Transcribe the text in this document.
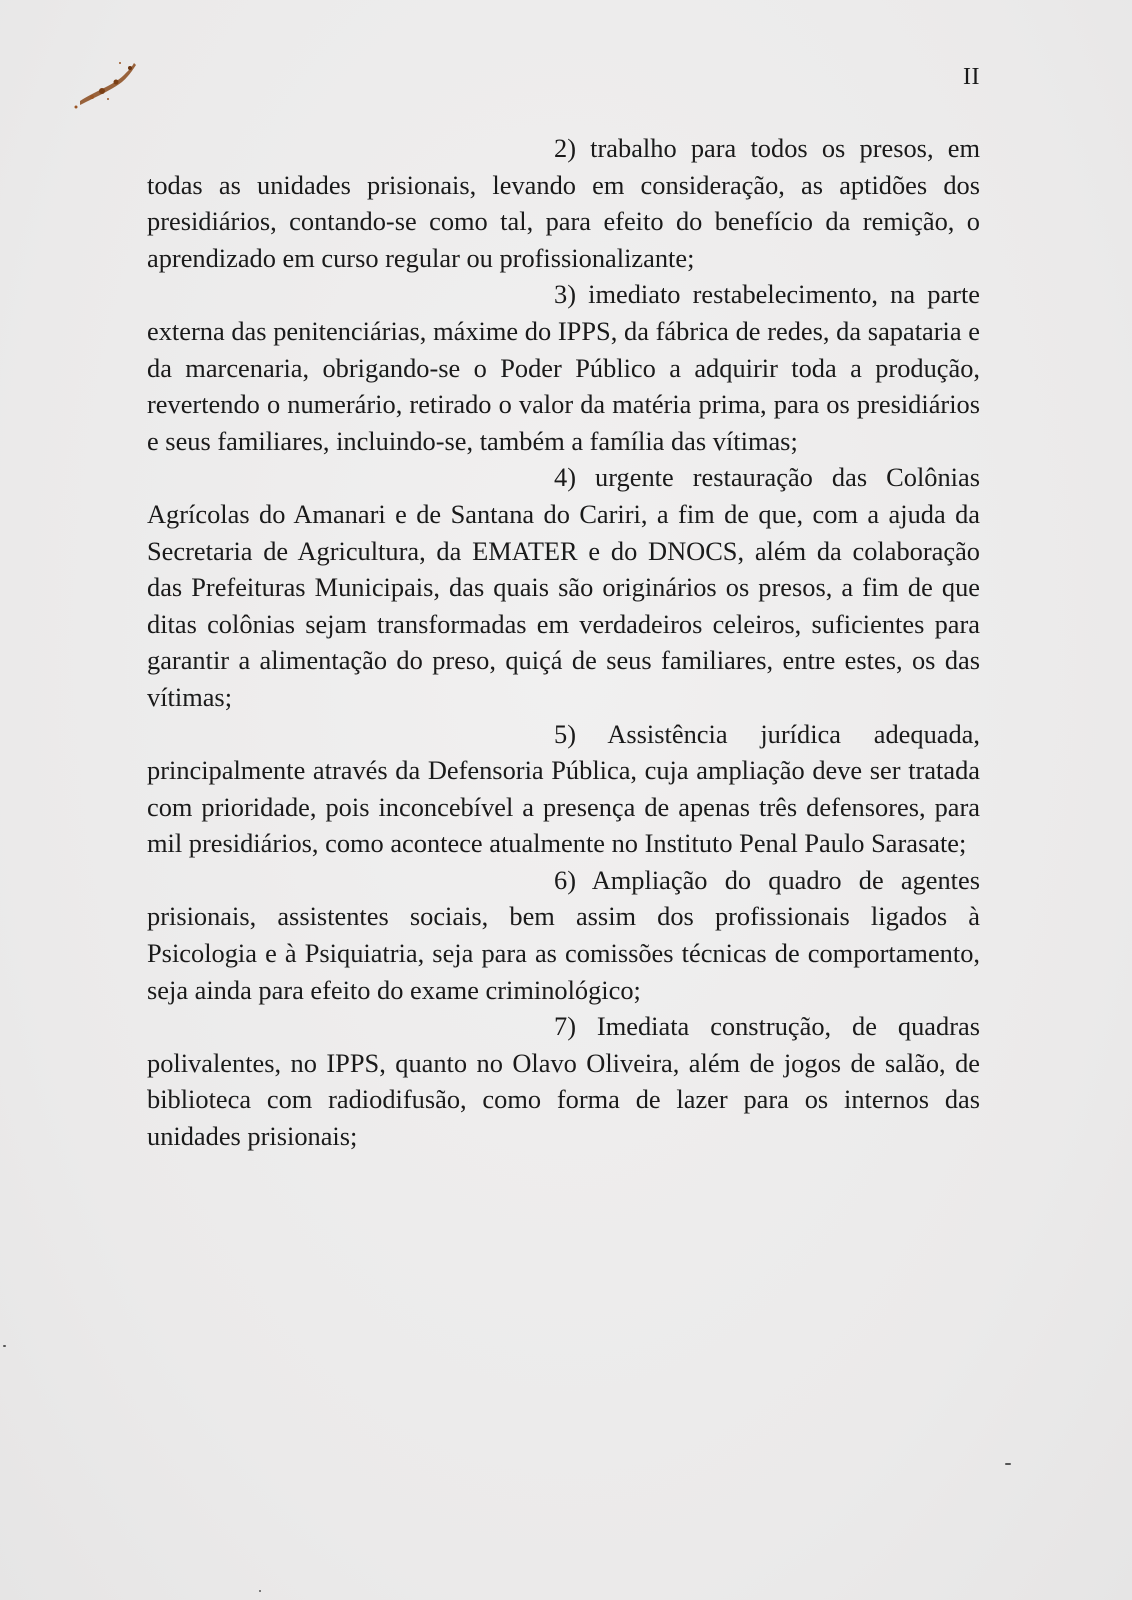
II

2) trabalho para todos os presos, em todas as unidades prisionais, levando em consideração, as aptidões dos presidiários, contando-se como tal, para efeito do benefício da remição, o aprendizado em curso regular ou profissionalizante;

3) imediato restabelecimento, na parte externa das penitenciárias, máxime do IPPS, da fábrica de redes, da sapataria e da marcenaria, obrigando-se o Poder Público a adquirir toda a produção, revertendo o numerário, retirado o valor da matéria prima, para os presidiários e seus familiares, incluindo-se, também a família das vítimas;

4) urgente restauração das Colônias Agrícolas do Amanari e de Santana do Cariri, a fim de que, com a ajuda da Secretaria de Agricultura, da EMATER e do DNOCS, além da colaboração das Prefeituras Municipais, das quais são originários os presos, a fim de que ditas colônias sejam transformadas em verdadeiros celeiros, suficientes para garantir a alimentação do preso, quiçá de seus familiares, entre estes, os das vítimas;

5) Assistência jurídica adequada, principalmente através da Defensoria Pública, cuja ampliação deve ser tratada com prioridade, pois inconcebível a presença de apenas três defensores, para mil presidiários, como acontece atualmente no Instituto Penal Paulo Sarasate;

6) Ampliação do quadro de agentes prisionais, assistentes sociais, bem assim dos profissionais ligados à Psicologia e à Psiquiatria, seja para as comissões técnicas de comportamento, seja ainda para efeito do exame criminológico;

7) Imediata construção, de quadras polivalentes, no IPPS, quanto no Olavo Oliveira, além de jogos de salão, de biblioteca com radiodifusão, como forma de lazer para os internos das unidades prisionais;
